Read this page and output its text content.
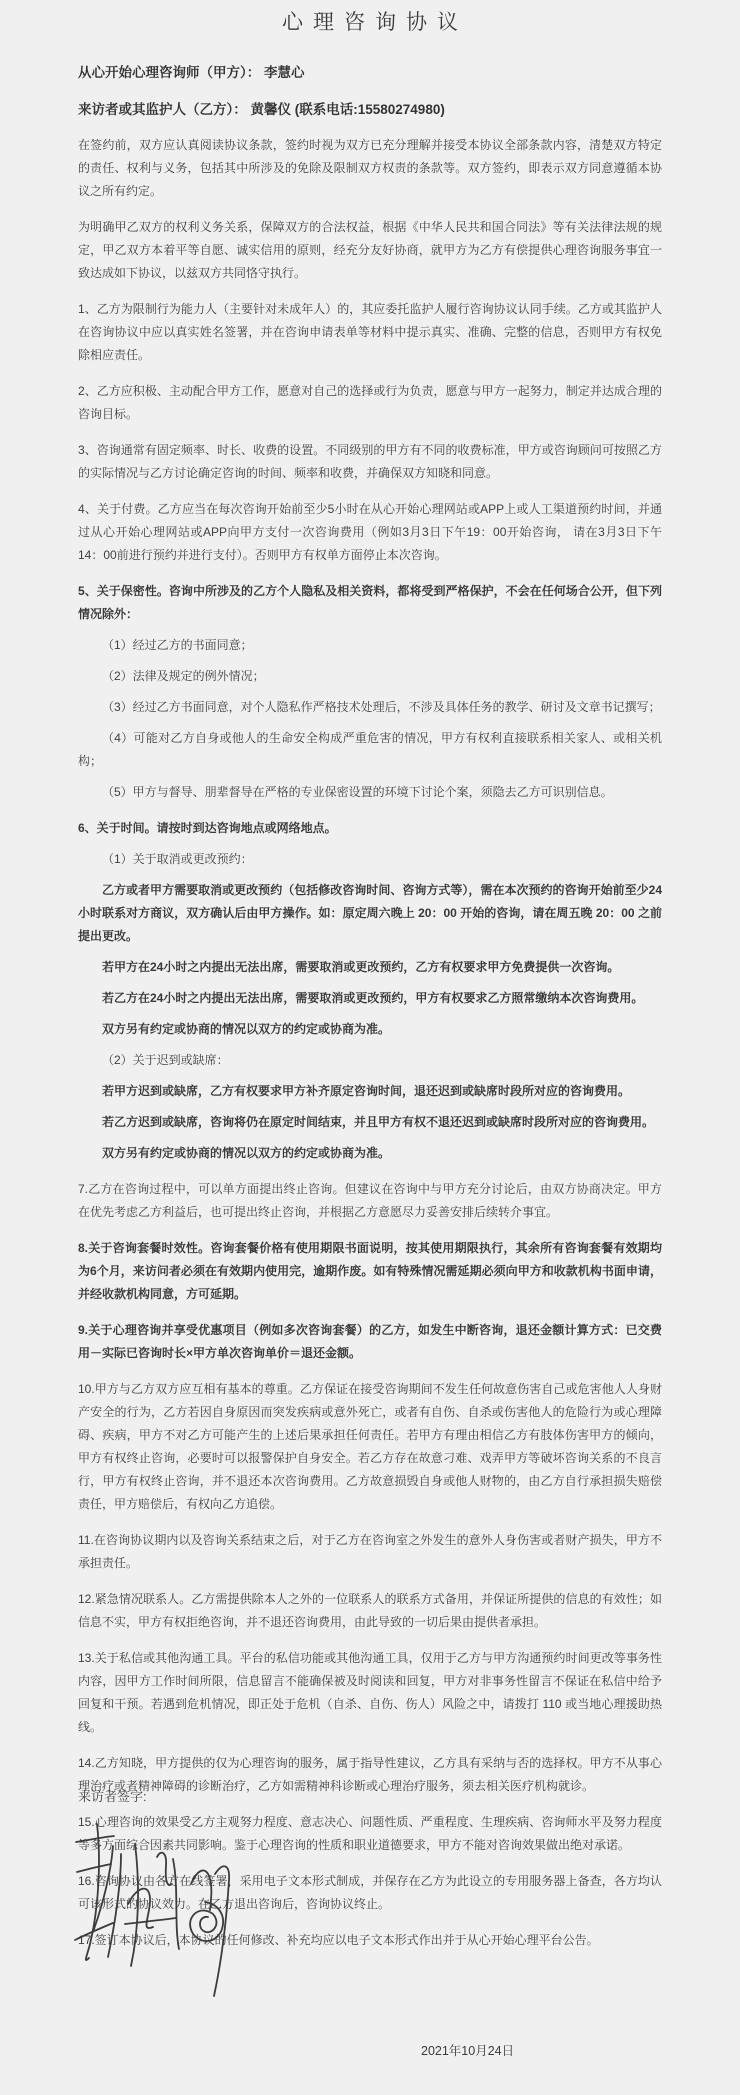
心理咨询协议

从心开始心理咨询师（甲方）： 李慧心

来访者或其监护人（乙方）： 黄馨仪 (联系电话:15580274980)

在签约前，双方应认真阅读协议条款，签约时视为双方已充分理解并接受本协议全部条款内容，清楚双方特定的责任、权利与义务，包括其中所涉及的免除及限制双方权责的条款等。双方签约，即表示双方同意遵循本协议之所有约定。

为明确甲乙双方的权利义务关系，保障双方的合法权益，根据《中华人民共和国合同法》等有关法律法规的规定，甲乙双方本着平等自愿、诚实信用的原则，经充分友好协商，就甲方为乙方有偿提供心理咨询服务事宜一致达成如下协议，以兹双方共同恪守执行。

1、乙方为限制行为能力人（主要针对未成年人）的，其应委托监护人履行咨询协议认同手续。乙方或其监护人在咨询协议中应以真实姓名签署，并在咨询申请表单等材料中提示真实、准确、完整的信息，否则甲方有权免除相应责任。

2、乙方应积极、主动配合甲方工作，愿意对自己的选择或行为负责，愿意与甲方一起努力，制定并达成合理的咨询目标。

3、咨询通常有固定频率、时长、收费的设置。不同级别的甲方有不同的收费标准，甲方或咨询顾问可按照乙方的实际情况与乙方讨论确定咨询的时间、频率和收费，并确保双方知晓和同意。

4、关于付费。乙方应当在每次咨询开始前至少5小时在从心开始心理网站或APP上或人工渠道预约时间，并通过从心开始心理网站或APP向甲方支付一次咨询费用（例如3月3日下午19：00开始咨询， 请在3月3日下午14：00前进行预约并进行支付）。否则甲方有权单方面停止本次咨询。

5、关于保密性。咨询中所涉及的乙方个人隐私及相关资料，都将受到严格保护，不会在任何场合公开，但下列情况除外：

（1）经过乙方的书面同意；

（2）法律及规定的例外情况；

（3）经过乙方书面同意，对个人隐私作严格技术处理后，不涉及具体任务的教学、研讨及文章书记撰写；

（4）可能对乙方自身或他人的生命安全构成严重危害的情况，甲方有权利直接联系相关家人、或相关机构；

（5）甲方与督导、朋辈督导在严格的专业保密设置的环境下讨论个案，须隐去乙方可识别信息。

6、关于时间。请按时到达咨询地点或网络地点。

（1）关于取消或更改预约：

乙方或者甲方需要取消或更改预约（包括修改咨询时间、咨询方式等），需在本次预约的咨询开始前至少24小时联系对方商议，双方确认后由甲方操作。如：原定周六晚上 20：00 开始的咨询，请在周五晚 20：00 之前提出更改。

若甲方在24小时之内提出无法出席，需要取消或更改预约，乙方有权要求甲方免费提供一次咨询。

若乙方在24小时之内提出无法出席，需要取消或更改预约，甲方有权要求乙方照常缴纳本次咨询费用。

双方另有约定或协商的情况以双方的约定或协商为准。

（2）关于迟到或缺席：

若甲方迟到或缺席，乙方有权要求甲方补齐原定咨询时间，退还迟到或缺席时段所对应的咨询费用。

若乙方迟到或缺席，咨询将仍在原定时间结束，并且甲方有权不退还迟到或缺席时段所对应的咨询费用。

双方另有约定或协商的情况以双方的约定或协商为准。

7.乙方在咨询过程中，可以单方面提出终止咨询。但建议在咨询中与甲方充分讨论后，由双方协商决定。甲方在优先考虑乙方利益后，也可提出终止咨询，并根据乙方意愿尽力妥善安排后续转介事宜。

8.关于咨询套餐时效性。咨询套餐价格有使用期限书面说明，按其使用期限执行，其余所有咨询套餐有效期均为6个月，来访问者必须在有效期内使用完，逾期作废。如有特殊情况需延期必须向甲方和收款机构书面申请，并经收款机构同意，方可延期。

9.关于心理咨询并享受优惠项目（例如多次咨询套餐）的乙方，如发生中断咨询，退还金额计算方式：已交费用－实际已咨询时长×甲方单次咨询单价＝退还金额。

10.甲方与乙方双方应互相有基本的尊重。乙方保证在接受咨询期间不发生任何故意伤害自己或危害他人人身财产安全的行为，乙方若因自身原因而突发疾病或意外死亡，或者有自伤、自杀或伤害他人的危险行为或心理障碍、疾病，甲方不对乙方可能产生的上述后果承担任何责任。若甲方有理由相信乙方有肢体伤害甲方的倾向，甲方有权终止咨询，必要时可以报警保护自身安全。若乙方存在故意刁难、戏弄甲方等破坏咨询关系的不良言行，甲方有权终止咨询，并不退还本次咨询费用。乙方故意损毁自身或他人财物的，由乙方自行承担损失赔偿责任，甲方赔偿后，有权向乙方追偿。

11.在咨询协议期内以及咨询关系结束之后，对于乙方在咨询室之外发生的意外人身伤害或者财产损失，甲方不承担责任。

12.紧急情况联系人。乙方需提供除本人之外的一位联系人的联系方式备用，并保证所提供的信息的有效性；如信息不实，甲方有权拒绝咨询，并不退还咨询费用，由此导致的一切后果由提供者承担。

13.关于私信或其他沟通工具。平台的私信功能或其他沟通工具，仅用于乙方与甲方沟通预约时间更改等事务性内容，因甲方工作时间所限，信息留言不能确保被及时阅读和回复，甲方对非事务性留言不保证在私信中给予回复和干预。若遇到危机情况，即正处于危机（自杀、自伤、伤人）风险之中，请拨打 110 或当地心理援助热线。

14.乙方知晓，甲方提供的仅为心理咨询的服务，属于指导性建议，乙方具有采纳与否的选择权。甲方不从事心理治疗或者精神障碍的诊断治疗，乙方如需精神科诊断或心理治疗服务，须去相关医疗机构就诊。

15.心理咨询的效果受乙方主观努力程度、意志决心、问题性质、严重程度、生理疾病、咨询师水平及努力程度等多方面综合因素共同影响。鉴于心理咨询的性质和职业道德要求，甲方不能对咨询效果做出绝对承诺。

16.咨询协议由各方在线签署，采用电子文本形式制成，并保存在乙方为此设立的专用服务器上备查，各方均认可该形式的协议效力。在乙方退出咨询后，咨询协议终止。

17.签订本协议后，本协议的任何修改、补充均应以电子文本形式作出并于从心开始心理平台公告。

来访者签字:
2021年10月24日
